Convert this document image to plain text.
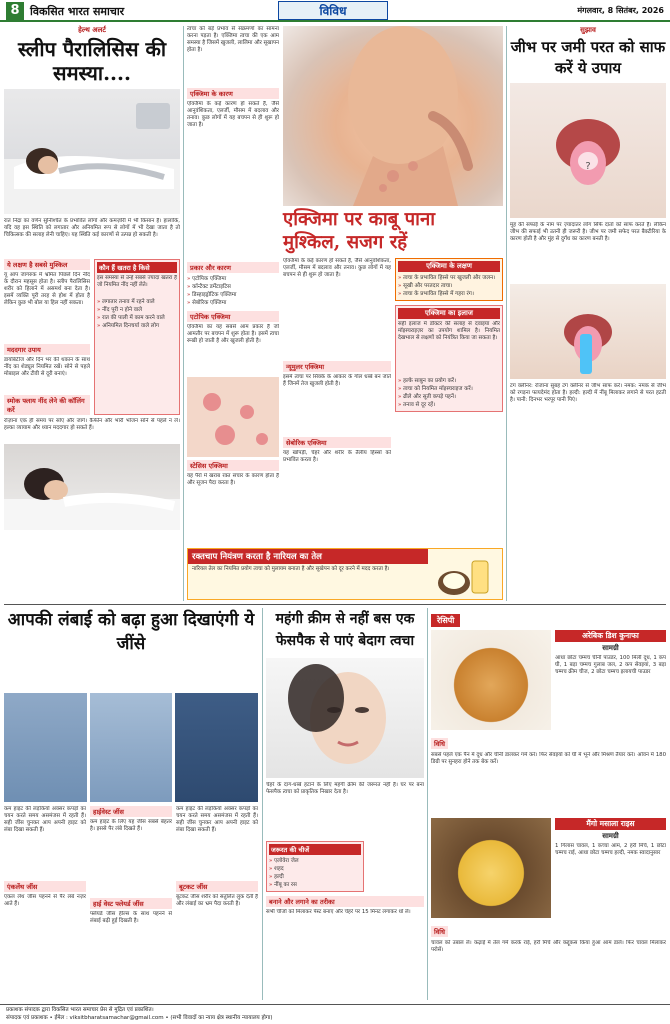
8 विकसित भारत समाचार	विविध	मंगलवार, 8 सितंबर, 2026
हेल्थ अलर्ट
स्लीप पैरालिसिस की समस्या....
रात निद्रा का वर्णन सुनिश्चित के प्रभावित लोगों और कमज़ोरी में भी किसान है। हालांकि, यदि वह इस स्थिति को लगातार और अनियमित रूप से लोगों में भी देखा जाता है तो चिकित्सक की सलाह लेनी चाहिए। यह स्थिति कई कारणों से उत्पन्न हो सकती है।
ये लक्षण है सबसे मुश्किल
यू आप जागरुक में भ्रमित पिछले दिन नींद के दौरान महसूस होता है। स्लीप पैरालिसिस शरीर को हिलाने में असमर्थ बना देता है। इसमें व्यक्ति पूरी तरह से होश में होता है लेकिन कुछ भी बोल या हिल नहीं सकता।
मददगार उपाय
डायबिटीज और दिन भर की थकान के साथ नींद का शेड्यूल नियमित रखें। सोने से पहले मोबाइल और टीवी से दूरी बनाएं।
स्मोक फ्लाय नींद लेने की कॉलिंग करें
कौन हैं खतरा है किसे
इस समस्या से उन्हें सबसे ज्यादा खतरा है जो नियमित नींद नहीं लेते।
» लगातार तनाव में रहने वाले
» नींद पूरी न होने वाले
» रात की पाली में काम करने वाले
» अनियमित दिनचर्या वाले लोग
रोज़ाना एक ही समय पर सोएं और जागें। कैफीन और भारी भोजन सोने से पहले न लें। हल्का व्यायाम और ध्यान मददगार हो सकते हैं।
त्वचा को बड़े प्रभाव से संक्रमणों का सामना करना पड़ता है। एक्जिमा त्वचा की एक आम समस्या है जिसमें खुजली, लालिमा और सूखापन होता है।
एक्जिमा के कारण
एक्जिमा के कई कारण हो सकते हैं, जैसे आनुवंशिकता, एलर्जी, मौसम में बदलाव और तनाव। कुछ लोगों में यह बचपन से ही शुरू हो जाता है।
एक्जिमा पर काबू पाना
मुश्किल, सजग रहें
प्रकार और कारण
» एटोपिक एक्जिमा
» कॉन्टैक्ट डर्मेटाइटिस
» डिस्हाइड्रोटिक एक्जिमा
» सेबोरिक एक्जिमा
एटोपिक एक्जिमा
एक्जिमा का यह सबसे आम प्रकार है जो आमतौर पर बचपन में शुरू होता है। इसमें त्वचा रूखी हो जाती है और खुजली होती है।
स्टेसिस एक्जिमा
यह पैरों में खराब रक्त संचार के कारण होता है और सूजन पैदा करता है।
एक्जिमा के कई कारण हो सकते हैं, जैसे आनुवंशिकता, एलर्जी, मौसम में बदलाव और तनाव। कुछ लोगों में यह बचपन से ही शुरू हो जाता है।
न्यूमुलर एक्जिमा
इसमें त्वचा पर सिक्के के आकार के गोल धब्बे बन जाते हैं जिनमें तेज खुजली होती है।
सेबोरिक एक्जिमा
यह खोपड़ी, चेहरे और शरीर के तैलीय हिस्सों को प्रभावित करता है।
एक्जिमा के लक्षण
» त्वचा के प्रभावित हिस्से पर खुजली और जलन।
» सूखी और परतदार त्वचा।
» त्वचा के प्रभावित हिस्से में गहरा रंग।
एक्जिमा का इलाज
सही इलाज में डॉक्टर की सलाह से दवाइयां और मॉइस्चराइज़र का उपयोग शामिल है। नियमित देखभाल से लक्षणों को नियंत्रित किया जा सकता है।
» हल्के साबुन का प्रयोग करें।
» त्वचा को नियमित मॉइस्चराइज करें।
» ढीले और सूती कपड़े पहनें।
» तनाव से दूर रहें।
रक्तचाप नियंत्रण करता है नारियल का तेल
नारियल तेल का नियमित प्रयोग त्वचा को मुलायम बनाता है और सूखेपन को दूर करने में मदद करता है।
सुझाव
जीभ पर जमी परत को साफ करें ये उपाय
?
मुंह की सफाई के नाम पर ज़्यादातर लोग सिर्फ दांतों को साफ करते हैं। लेकिन जीभ की सफाई भी उतनी ही जरूरी है। जीभ पर जमी सफेद परत बैक्टीरिया के कारण होती है और मुंह से दुर्गंध का कारण बनती है।
टंग क्लीनर: रोजाना सुबह टंग क्लीनर से जीभ साफ करें। नमक: नमक से जीभ को रगड़ना फायदेमंद होता है। हल्दी: हल्दी में नींबू मिलाकर लगाने से परत हटती है। पानी: दिनभर भरपूर पानी पिएं।
आपकी लंबाई को बढ़ा हुआ दिखाएंगी ये जींसे
कम हाइट की लड़कियों अक्सर कपड़ों का चयन करते समय असमंजस में रहती हैं। सही जींस चुनकर आप अपनी हाइट को लंबा दिखा सकती हैं।
एंकलेंथ जींस
एंकल लेंथ जींस पहनने से पैर लंबे नज़र आते हैं।
हाईवेस्ट जींस
कम हाइट के लिए यह जींस सबसे बेहतर है। इससे पैर लंबे दिखते हैं।
हाई वेस्ट फ्लेयर्ड जींस
फ्लेयर्ड जींस हील्स के साथ पहनने से लंबाई बढ़ी हुई दिखती है।
कम हाइट की लड़कियों अक्सर कपड़ों का चयन करते समय असमंजस में रहती हैं। सही जींस चुनकर आप अपनी हाइट को लंबा दिखा सकती हैं।
बूटकट जींस
बूटकट जींस शरीर को संतुलित लुक देती है और लंबाई का भ्रम पैदा करती है।
महंगी क्रीम से नहीं बस एक फेसपैक से पाएं बेदाग त्वचा
चेहरे के दाग-धब्बे हटाने के लिए महंगी क्रीम की जरूरत नहीं है। घर पर बना फेसपैक त्वचा को प्राकृतिक निखार देता है।
जरूरत की चीजें
» एलोवेरा जेल
» शहद
» हल्दी
» नींबू का रस
बनाने और लगाने का तरीका
सभी चीजों को मिलाकर पेस्ट बनाएं और चेहरे पर 15 मिनट लगाकर धो लें।
रेसिपी
अरेबिक डिश कुनाफा
सामग्री
आधा छोटा चम्मच चीनी पाउडर, 100 मिली दूध, 1 कप घी, 1 बड़ा चम्मच गुलाब जल, 2 कप सेवइयां, 3 बड़ा चम्मच क्रीम चीज, 2 छोटा चम्मच इलायची पाउडर
विधि
सबसे पहले एक पैन में दूध और चीनी डालकर गर्म करें। फिर सेवइयों को घी में भूनें और मिश्रण तैयार करें। ओवन में 180 डिग्री पर सुनहरा होने तक बेक करें।
मैंगो मसाला राइस
सामग्री
1 गिलास चावल, 1 कच्चा आम, 2 हरी मिर्च, 1 छोटा चम्मच राई, आधा छोटा चम्मच हल्दी, नमक स्वादानुसार
विधि
चावल को उबाल लें। कढ़ाई में तेल गर्म करके राई, हरी मिर्च और कद्दूकस किया हुआ आम डालें। फिर चावल मिलाकर परोसें।
प्रकाशक संपादक द्वारा विकसित भारत समाचार प्रेस से मुद्रित एवं प्रकाशित।
संपादक एवं प्रकाशक • ईमेल : viksitbharatsamachar@gmail.com • (सभी विवादों का न्याय क्षेत्र स्थानीय न्यायालय होगा)
